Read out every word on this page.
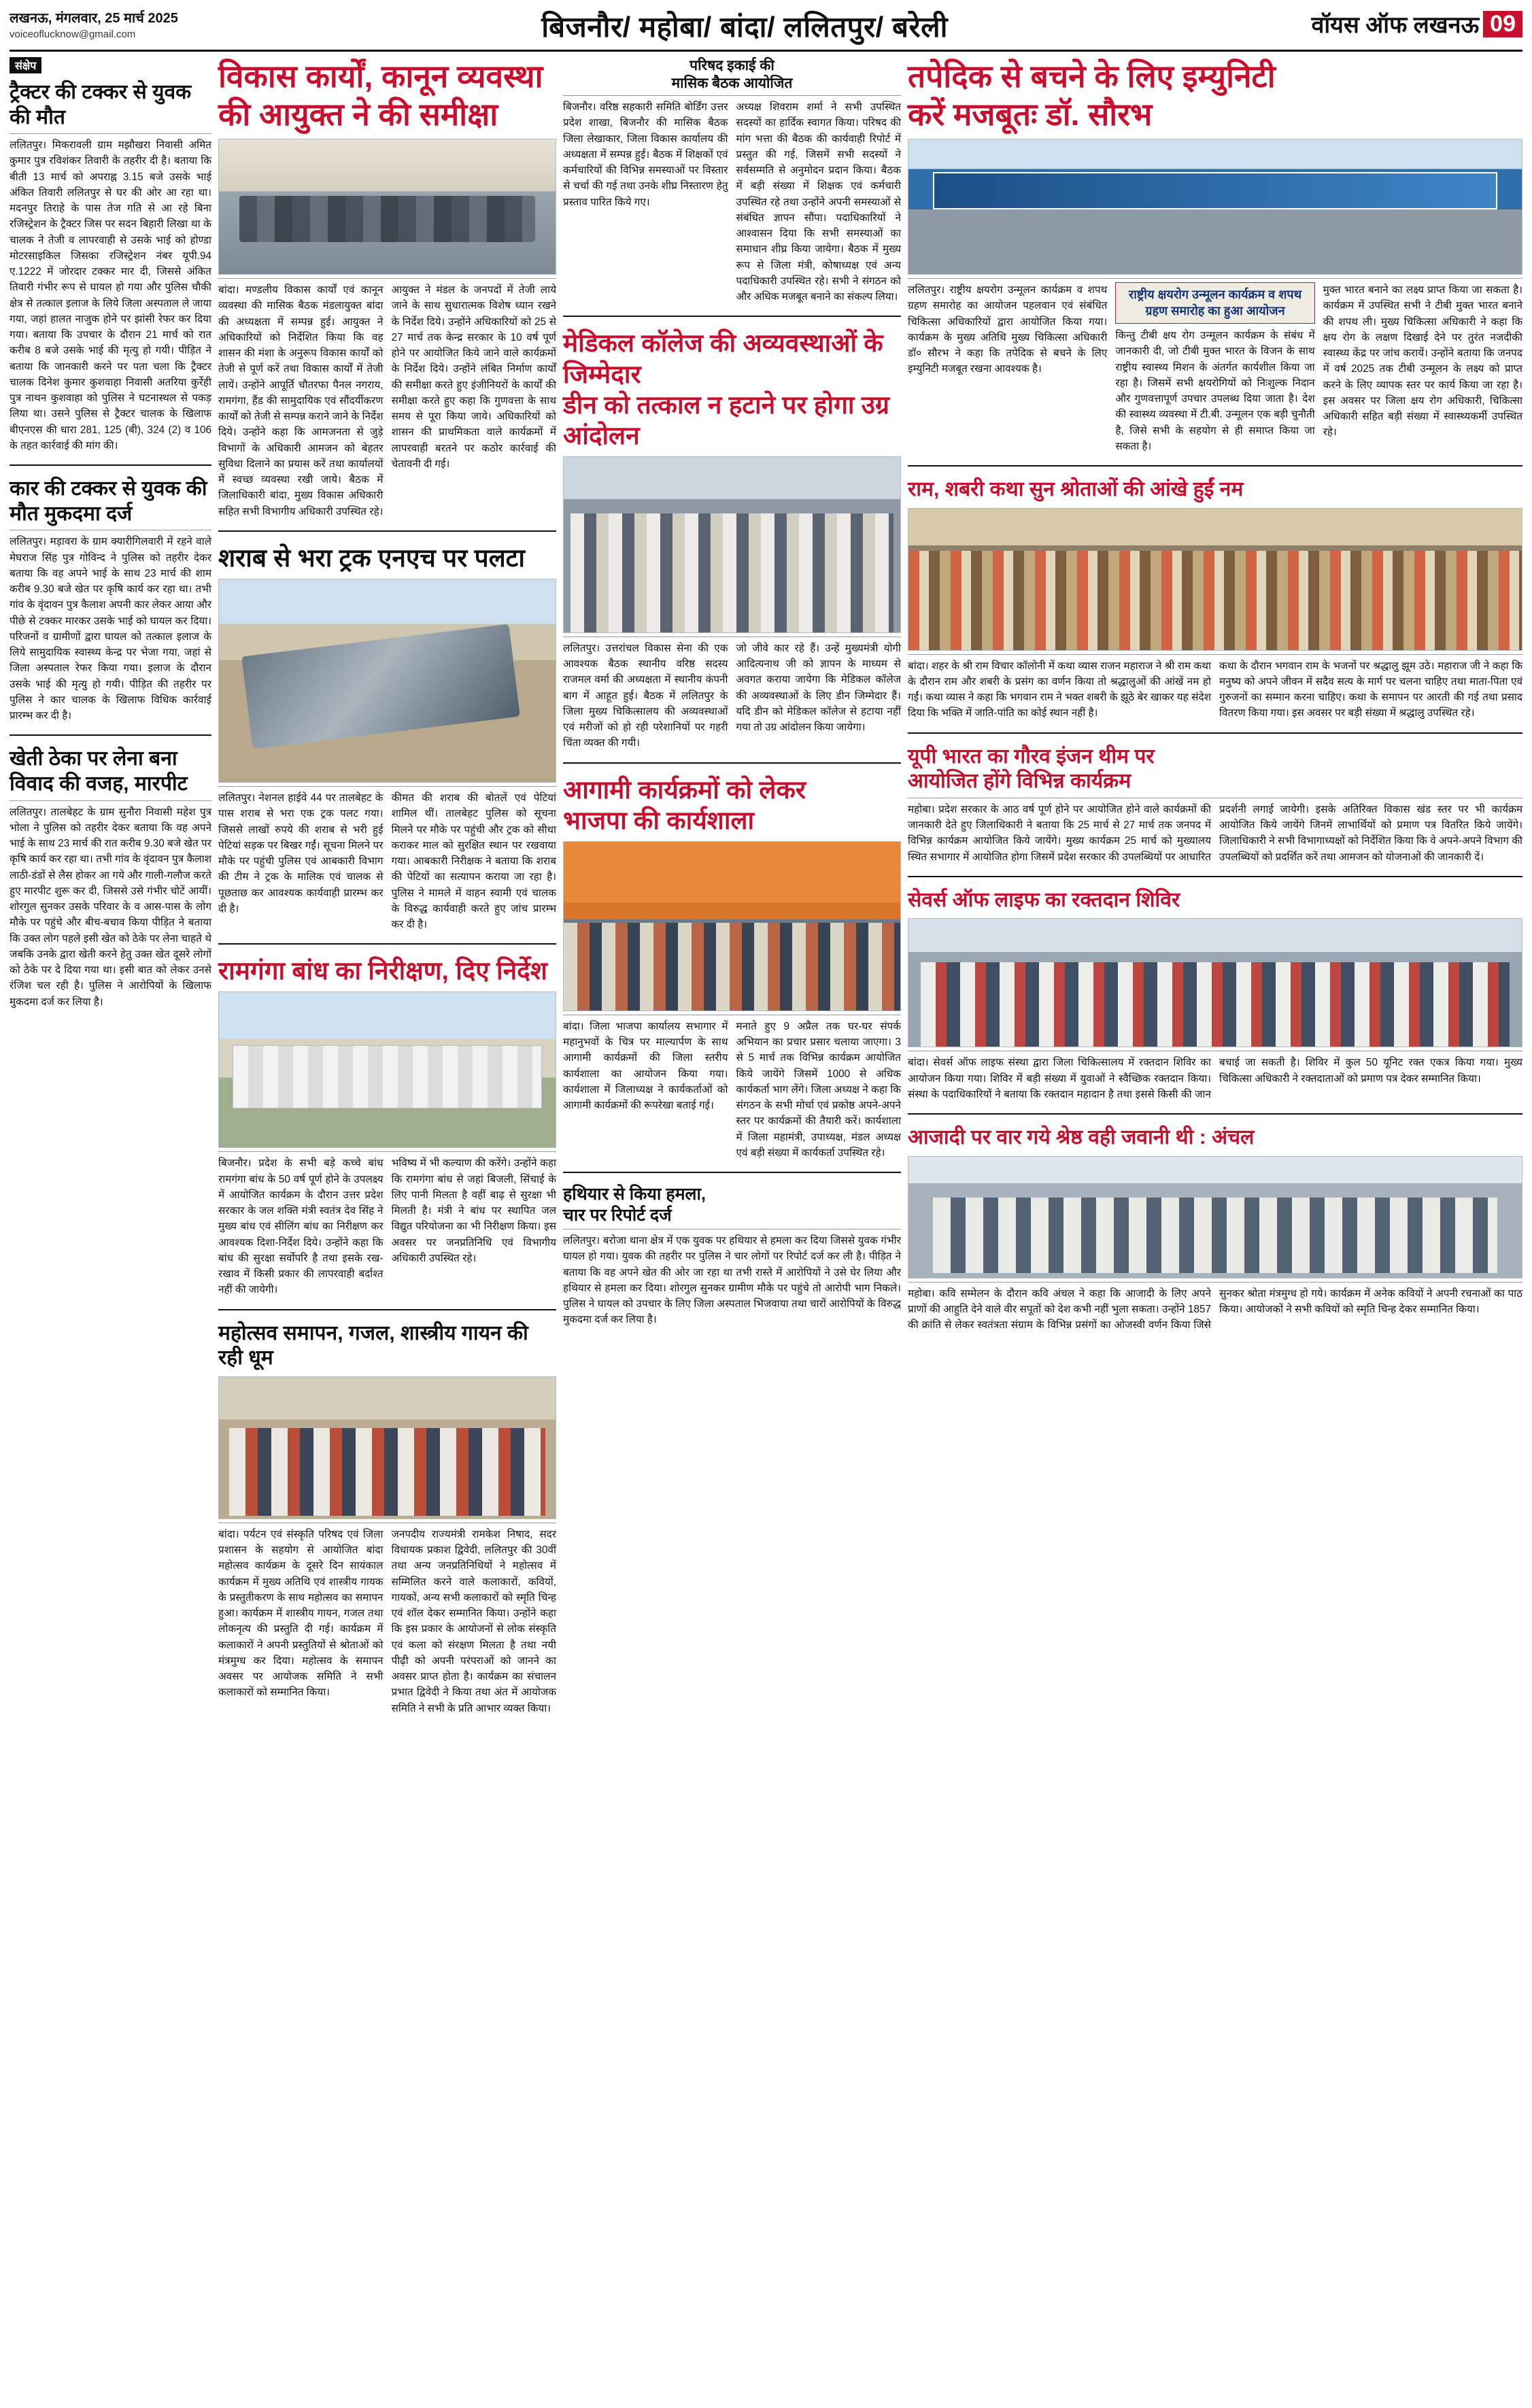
लखनऊ, मंगलवार, 25 मार्च 2025
voiceoflucknow@gmail.com	बिजनौर/ महोबा/ बांदा/ ललितपुर/ बरेली	वॉयस ऑफ लखनऊ 09
संक्षेप
ट्रैक्टर की टक्कर से युवक की मौत
ललितपुर। मिकरावली ग्राम मझौखरा निवासी अमित कुमार पुत्र रविशंकर तिवारी के तहरीर दी है। बताया कि बीती 13 मार्च को अपराह्न 3.15 बजे उसके भाई अंकित तिवारी ललितपुर से घर की ओर आ रहा था। मदनपुर तिराहे के पास तेज गति से आ रहे बिना रजिस्ट्रेशन के ट्रैक्टर जिस पर सदन बिहारी लिखा था के चालक ने तेजी व लापरवाही से उसके भाई को होण्डा मोटरसाइकिल जिसका रजिस्ट्रेशन नंबर यूपी.94 ए.1222 में जोरदार टक्कर मार दी, जिससे अंकित तिवारी गंभीर रूप से घायल हो गया और पुलिस चौकी क्षेत्र से तत्काल इलाज के लिये जिला अस्पताल ले जाया गया, जहां हालत नाजुक होने पर झांसी रेफर कर दिया गया। बताया कि उपचार के दौरान 21 मार्च को रात करीब 8 बजे उसके भाई की मृत्यु हो गयी। पीड़ित ने बताया कि जानकारी करने पर पता चला कि ट्रैक्टर चालक दिनेश कुमार कुशवाहा निवासी अतरिया कुर्रेही पुत्र नाथन कुशवाहा को पुलिस ने घटनास्थल से पकड़ लिया था। उसने पुलिस से ट्रैक्टर चालक के खिलाफ बीएनएस की धारा 281, 125 (बी), 324 (2) व 106 के तहत कार्रवाई की मांग की।
कार की टक्कर से युवक की मौत मुकदमा दर्ज
ललितपुर। मड़ावरा के ग्राम क्यारीगिलवारी में रहने वाले मेघराज सिंह पुत्र गोविन्द ने पुलिस को तहरीर देकर बताया कि वह अपने भाई के साथ 23 मार्च की शाम करीब 9.30 बजे खेत पर कृषि कार्य कर रहा था। तभी गांव के वृंदावन पुत्र कैलाश अपनी कार लेकर आया और पीछे से टक्कर मारकर उसके भाई को घायल कर दिया। परिजनों व ग्रामीणों द्वारा घायल को तत्काल इलाज के लिये सामुदायिक स्वास्थ्य केन्द्र पर भेजा गया, जहां से जिला अस्पताल रेफर किया गया। इलाज के दौरान उसके भाई की मृत्यु हो गयी। पीड़ित की तहरीर पर पुलिस ने कार चालक के खिलाफ विधिक कार्रवाई प्रारम्भ कर दी है।
खेती ठेका पर लेना बना विवाद की वजह, मारपीट
ललितपुर। तालबेहट के ग्राम सुनौरा निवासी महेश पुत्र भोला ने पुलिस को तहरीर देकर बताया कि वह अपने भाई के साथ 23 मार्च की रात करीब 9.30 बजे खेत पर कृषि कार्य कर रहा था। तभी गांव के वृंदावन पुत्र कैलाश लाठी-डंडों से लैस होकर आ गये और गाली-गलौज करते हुए मारपीट शुरू कर दी, जिससे उसे गंभीर चोटें आयीं। शोरगुल सुनकर उसके परिवार के व आस-पास के लोग मौके पर पहुंचे और बीच-बचाव किया पीड़ित ने बताया कि उक्त लोग पहले इसी खेत को ठेके पर लेना चाहते थे जबकि उनके द्वारा खेती करने हेतु उक्त खेत दूसरे लोगों को ठेके पर दे दिया गया था। इसी बात को लेकर उनसे रंजिश चल रही है। पुलिस ने आरोपियों के खिलाफ मुकदमा दर्ज कर लिया है।
विकास कार्यों, कानून व्यवस्था
की आयुक्त ने की समीक्षा
बांदा। मण्डलीय विकास कार्यों एवं कानून व्यवस्था की मासिक बैठक मंडलायुक्त बांदा की अध्यक्षता में सम्पन्न हुई। आयुक्त ने अधिकारियों को निर्देशित किया कि वह शासन की मंशा के अनुरूप विकास कार्यों को तेजी से पूर्ण करें तथा विकास कार्यों में तेजी लायें। उन्होंने आपूर्ति चौतरफा पैनल नगराय, रामगंगा, हैंड की सामुदायिक एवं सौंदर्यीकरण कार्यों को तेजी से सम्पन्न कराने जाने के निर्देश दिये। उन्होंने कहा कि आमजनता से जुड़े विभागों के अधिकारी आमजन को बेहतर सुविधा दिलाने का प्रयास करें तथा कार्यालयों में स्वच्छ व्यवस्था रखी जाये। बैठक में जिलाधिकारी बांदा, मुख्य विकास अधिकारी सहित सभी विभागीय अधिकारी उपस्थित रहे।
आयुक्त ने मंडल के जनपदों में तेजी लाये जाने के साथ सुधारात्मक विशेष ध्यान रखने के निर्देश दिये। उन्होंने अधिकारियों को 25 से 27 मार्च तक केन्द्र सरकार के 10 वर्ष पूर्ण होने पर आयोजित किये जाने वाले कार्यक्रमों के निर्देश दिये। उन्होंने लंबित निर्माण कार्यों की समीक्षा करते हुए इंजीनियरों के कार्यों की समीक्षा करते हुए कहा कि गुणवत्ता के साथ समय से पूरा किया जाये। अधिकारियों को शासन की प्राथमिकता वाले कार्यक्रमों में लापरवाही बरतने पर कठोर कार्रवाई की चेतावनी दी गई।
शराब से भरा ट्रक एनएच पर पलटा
ललितपुर। नेशनल हाईवे 44 पर तालबेहट के पास शराब से भरा एक ट्रक पलट गया। जिससे लाखों रुपये की शराब से भरी हुई पेटियां सड़क पर बिखर गईं। सूचना मिलने पर मौके पर पहुंची पुलिस एवं आबकारी विभाग की टीम ने ट्रक के मालिक एवं चालक से पूछताछ कर आवश्यक कार्यवाही प्रारम्भ कर दी है।
कीमत की शराब की बोतलें एवं पेटियां शामिल थीं। तालबेहट पुलिस को सूचना मिलने पर मौके पर पहुंची और ट्रक को सीधा कराकर माल को सुरक्षित स्थान पर रखवाया गया। आबकारी निरीक्षक ने बताया कि शराब की पेटियों का सत्यापन कराया जा रहा है। पुलिस ने मामले में वाहन स्वामी एवं चालक के विरुद्ध कार्यवाही करते हुए जांच प्रारम्भ कर दी है।
रामगंगा बांध का निरीक्षण, दिए निर्देश
बिजनौर। प्रदेश के सभी बड़े कच्चे बांध रामगंगा बांध के 50 वर्ष पूर्ण होने के उपलक्ष्य में आयोजित कार्यक्रम के दौरान उत्तर प्रदेश सरकार के जल शक्ति मंत्री स्वतंत्र देव सिंह ने मुख्य बांध एवं सीलिंग बांध का निरीक्षण कर आवश्यक दिशा-निर्देश दिये। उन्होंने कहा कि बांध की सुरक्षा सर्वोपरि है तथा इसके रख-रखाव में किसी प्रकार की लापरवाही बर्दाश्त नहीं की जायेगी।
भविष्य में भी कल्याण की करेंगे। उन्होंने कहा कि रामगंगा बांध से जहां बिजली, सिंचाई के लिए पानी मिलता है वहीं बाढ़ से सुरक्षा भी मिलती है। मंत्री ने बांध पर स्थापित जल विद्युत परियोजना का भी निरीक्षण किया। इस अवसर पर जनप्रतिनिधि एवं विभागीय अधिकारी उपस्थित रहे।
महोत्सव समापन, गजल, शास्त्रीय गायन की रही धूम
बांदा। पर्यटन एवं संस्कृति परिषद एवं जिला प्रशासन के सहयोग से आयोजित बांदा महोत्सव कार्यक्रम के दूसरे दिन सायंकाल कार्यक्रम में मुख्य अतिथि एवं शास्त्रीय गायक के प्रस्तुतीकरण के साथ महोत्सव का समापन हुआ। कार्यक्रम में शास्त्रीय गायन, गजल तथा लोकनृत्य की प्रस्तुति दी गई। कार्यक्रम में कलाकारों ने अपनी प्रस्तुतियों से श्रोताओं को मंत्रमुग्ध कर दिया। महोत्सव के समापन अवसर पर आयोजक समिति ने सभी कलाकारों को सम्मानित किया।
जनपदीय राज्यमंत्री रामकेश निषाद, सदर विधायक प्रकाश द्विवेदी, ललितपुर की 30वीं तथा अन्य जनप्रतिनिधियों ने महोत्सव में सम्मिलित करने वाले कलाकारों, कवियों, गायकों, अन्य सभी कलाकारों को स्मृति चिन्ह एवं शॉल देकर सम्मानित किया। उन्होंने कहा कि इस प्रकार के आयोजनों से लोक संस्कृति एवं कला को संरक्षण मिलता है तथा नयी पीढ़ी को अपनी परंपराओं को जानने का अवसर प्राप्त होता है। कार्यक्रम का संचालन प्रभात द्विवेदी ने किया तथा अंत में आयोजक समिति ने सभी के प्रति आभार व्यक्त किया।
परिषद इकाई की
मासिक बैठक आयोजित
बिजनौर। वरिष्ठ सहकारी समिति बोर्डिंग उत्तर प्रदेश शाखा, बिजनौर की मासिक बैठक जिला लेखाकार, जिला विकास कार्यालय की अध्यक्षता में सम्पन्न हुई। बैठक में शिक्षकों एवं कर्मचारियों की विभिन्न समस्याओं पर विस्तार से चर्चा की गई तथा उनके शीघ्र निस्तारण हेतु प्रस्ताव पारित किये गए।
अध्यक्ष शिवराम शर्मा ने सभी उपस्थित सदस्यों का हार्दिक स्वागत किया। परिषद की मांग भत्ता की बैठक की कार्यवाही रिपोर्ट में प्रस्तुत की गई, जिसमें सभी सदस्यों ने सर्वसम्मति से अनुमोदन प्रदान किया। बैठक में बड़ी संख्या में शिक्षक एवं कर्मचारी उपस्थित रहे तथा उन्होंने अपनी समस्याओं से संबंधित ज्ञापन सौंपा। पदाधिकारियों ने आश्वासन दिया कि सभी समस्याओं का समाधान शीघ्र किया जायेगा। बैठक में मुख्य रूप से जिला मंत्री, कोषाध्यक्ष एवं अन्य पदाधिकारी उपस्थित रहे। सभी ने संगठन को और अधिक मजबूत बनाने का संकल्प लिया।
मेडिकल कॉलेज की अव्यवस्थाओं के जिम्मेदार
डीन को तत्काल न हटाने पर होगा उग्र आंदोलन
ललितपुर। उत्तरांचल विकास सेना की एक आवश्यक बैठक स्थानीय वरिष्ठ सदस्य राजमल वर्मा की अध्यक्षता में स्थानीय कंपनी बाग में आहूत हुई। बैठक में ललितपुर के जिला मुख्य चिकित्सालय की अव्यवस्थाओं एवं मरीजों को हो रही परेशानियों पर गहरी चिंता व्यक्त की गयी।
जो जीवे कार रहे हैं। उन्हें मुख्यमंत्री योगी आदित्यनाथ जी को ज्ञापन के माध्यम से अवगत कराया जायेगा कि मेडिकल कॉलेज की अव्यवस्थाओं के लिए डीन जिम्मेदार हैं। यदि डीन को मेडिकल कॉलेज से हटाया नहीं गया तो उग्र आंदोलन किया जायेगा।
आगामी कार्यक्रमों को लेकर
भाजपा की कार्यशाला
बांदा। जिला भाजपा कार्यालय सभागार में महानुभवों के चित्र पर माल्यार्पण के साथ आगामी कार्यक्रमों की जिला स्तरीय कार्यशाला का आयोजन किया गया। कार्यशाला में जिलाध्यक्ष ने कार्यकर्ताओं को आगामी कार्यक्रमों की रूपरेखा बताई गई।
मनाते हुए 9 अप्रैल तक घर-घर संपर्क अभियान का प्रचार प्रसार चलाया जाएगा। 3 से 5 मार्च तक विभिन्न कार्यक्रम आयोजित किये जायेंगे जिसमें 1000 से अधिक कार्यकर्ता भाग लेंगे। जिला अध्यक्ष ने कहा कि संगठन के सभी मोर्चा एवं प्रकोष्ठ अपने-अपने स्तर पर कार्यक्रमों की तैयारी करें। कार्यशाला में जिला महामंत्री, उपाध्यक्ष, मंडल अध्यक्ष एवं बड़ी संख्या में कार्यकर्ता उपस्थित रहे।
हथियार से किया हमला,
चार पर रिपोर्ट दर्ज
ललितपुर। बरोजा थाना क्षेत्र में एक युवक पर हथियार से हमला कर दिया जिससे युवक गंभीर घायल हो गया। युवक की तहरीर पर पुलिस ने चार लोगों पर रिपोर्ट दर्ज कर ली है। पीड़ित ने बताया कि वह अपने खेत की ओर जा रहा था तभी रास्ते में आरोपियों ने उसे घेर लिया और हथियार से हमला कर दिया। शोरगुल सुनकर ग्रामीण मौके पर पहुंचे तो आरोपी भाग निकले। पुलिस ने घायल को उपचार के लिए जिला अस्पताल भिजवाया तथा चारों आरोपियों के विरुद्ध मुकदमा दर्ज कर लिया है।
तपेदिक से बचने के लिए इम्युनिटी
करें मजबूतः डॉ. सौरभ
ललितपुर। राष्ट्रीय क्षयरोग उन्मूलन कार्यक्रम व शपथ ग्रहण समारोह का आयोजन पहलवान एवं संबंधित चिकित्सा अधिकारियों द्वारा आयोजित किया गया। कार्यक्रम के मुख्य अतिथि मुख्य चिकित्सा अधिकारी डॉ० सौरभ ने कहा कि तपेदिक से बचने के लिए इम्युनिटी मजबूत रखना आवश्यक है।
राष्ट्रीय क्षयरोग उन्मूलन कार्यक्रम व शपथ ग्रहण समारोह का हुआ आयोजन
किन्तु टीबी क्षय रोग उन्मूलन कार्यक्रम के संबंध में जानकारी दी, जो टीबी मुक्त भारत के विजन के साथ राष्ट्रीय स्वास्थ्य मिशन के अंतर्गत कार्यशील किया जा रहा है। जिसमें सभी क्षयरोगियों को निःशुल्क निदान और गुणवत्तापूर्ण उपचार उपलब्ध दिया जाता है। देश की स्वास्थ्य व्यवस्था में टी.बी. उन्मूलन एक बड़ी चुनौती है, जिसे सभी के सहयोग से ही समाप्त किया जा सकता है।
मुक्त भारत बनाने का लक्ष्य प्राप्त किया जा सकता है। कार्यक्रम में उपस्थित सभी ने टीबी मुक्त भारत बनाने की शपथ ली। मुख्य चिकित्सा अधिकारी ने कहा कि क्षय रोग के लक्षण दिखाई देने पर तुरंत नजदीकी स्वास्थ्य केंद्र पर जांच करायें। उन्होंने बताया कि जनपद में वर्ष 2025 तक टीबी उन्मूलन के लक्ष्य को प्राप्त करने के लिए व्यापक स्तर पर कार्य किया जा रहा है। इस अवसर पर जिला क्षय रोग अधिकारी, चिकित्सा अधिकारी सहित बड़ी संख्या में स्वास्थ्यकर्मी उपस्थित रहे।
राम, शबरी कथा सुन श्रोताओं की आंखे हुईं नम
बांदा। शहर के श्री राम विचार कॉलोनी में कथा व्यास राजन महाराज ने श्री राम कथा के दौरान राम और शबरी के प्रसंग का वर्णन किया तो श्रद्धालुओं की आंखें नम हो गईं। कथा व्यास ने कहा कि भगवान राम ने भक्त शबरी के झूठे बेर खाकर यह संदेश दिया कि भक्ति में जाति-पांति का कोई स्थान नहीं है।
कथा के दौरान भगवान राम के भजनों पर श्रद्धालु झूम उठे। महाराज जी ने कहा कि मनुष्य को अपने जीवन में सदैव सत्य के मार्ग पर चलना चाहिए तथा माता-पिता एवं गुरुजनों का सम्मान करना चाहिए। कथा के समापन पर आरती की गई तथा प्रसाद वितरण किया गया। इस अवसर पर बड़ी संख्या में श्रद्धालु उपस्थित रहे।
यूपी भारत का गौरव इंजन थीम पर
आयोजित होंगे विभिन्न कार्यक्रम
महोबा। प्रदेश सरकार के आठ वर्ष पूर्ण होने पर आयोजित होने वाले कार्यक्रमों की जानकारी देते हुए जिलाधिकारी ने बताया कि 25 मार्च से 27 मार्च तक जनपद में विभिन्न कार्यक्रम आयोजित किये जायेंगे। मुख्य कार्यक्रम 25 मार्च को मुख्यालय स्थित सभागार में आयोजित होगा जिसमें प्रदेश सरकार की उपलब्धियों पर आधारित प्रदर्शनी लगाई जायेगी। इसके अतिरिक्त विकास खंड स्तर पर भी कार्यक्रम आयोजित किये जायेंगे जिनमें लाभार्थियों को प्रमाण पत्र वितरित किये जायेंगे। जिलाधिकारी ने सभी विभागाध्यक्षों को निर्देशित किया कि वे अपने-अपने विभाग की उपलब्धियों को प्रदर्शित करें तथा आमजन को योजनाओं की जानकारी दें।
सेवर्स ऑफ लाइफ का रक्तदान शिविर
बांदा। सेवर्स ऑफ लाइफ संस्था द्वारा जिला चिकित्सालय में रक्तदान शिविर का आयोजन किया गया। शिविर में बड़ी संख्या में युवाओं ने स्वैच्छिक रक्तदान किया। संस्था के पदाधिकारियों ने बताया कि रक्तदान महादान है तथा इससे किसी की जान बचाई जा सकती है। शिविर में कुल 50 यूनिट रक्त एकत्र किया गया। मुख्य चिकित्सा अधिकारी ने रक्तदाताओं को प्रमाण पत्र देकर सम्मानित किया।
आजादी पर वार गये श्रेष्ठ वही जवानी थी : अंचल
महोबा। कवि सम्मेलन के दौरान कवि अंचल ने कहा कि आजादी के लिए अपने प्राणों की आहुति देने वाले वीर सपूतों को देश कभी नहीं भुला सकता। उन्होंने 1857 की क्रांति से लेकर स्वतंत्रता संग्राम के विभिन्न प्रसंगों का ओजस्वी वर्णन किया जिसे सुनकर श्रोता मंत्रमुग्ध हो गये। कार्यक्रम में अनेक कवियों ने अपनी रचनाओं का पाठ किया। आयोजकों ने सभी कवियों को स्मृति चिन्ह देकर सम्मानित किया।
